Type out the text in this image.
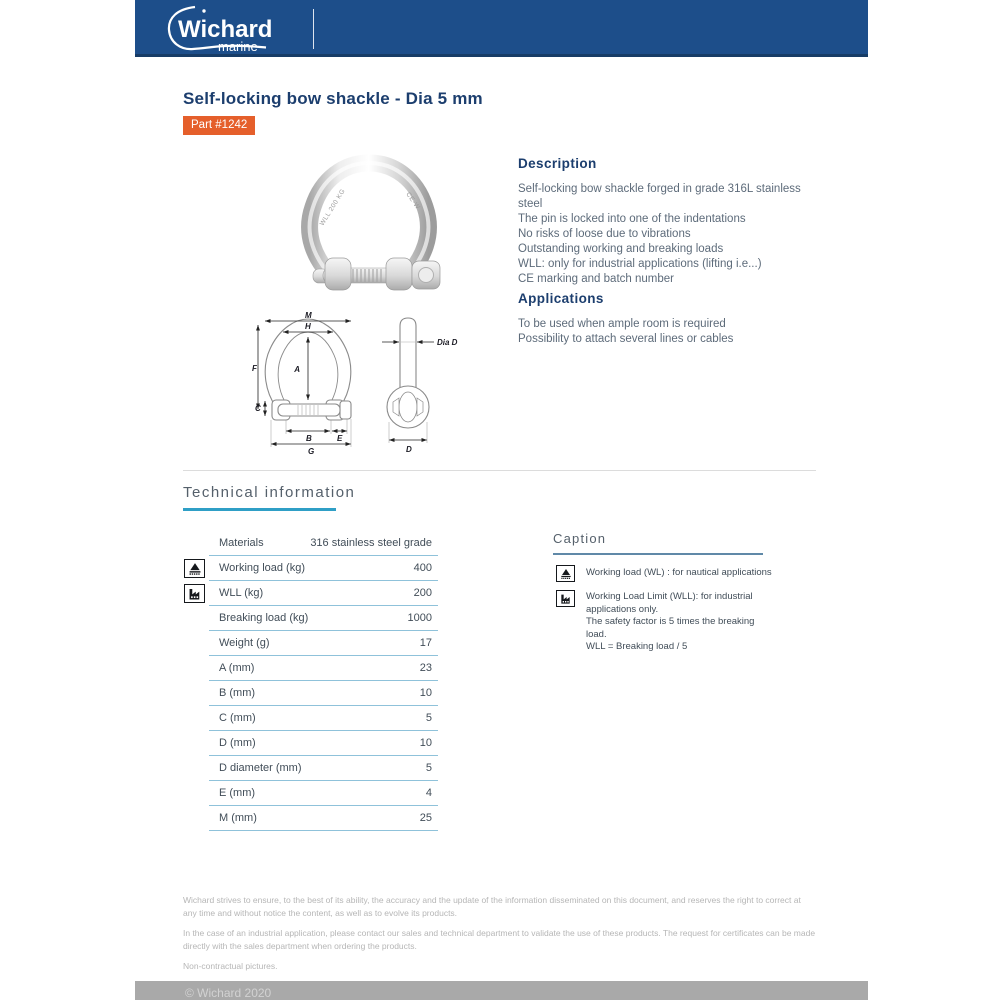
Wichard
marine
Self-locking bow shackle - Dia 5 mm
Part #1242
WLL 200 KG	CE-W
M
H
A
F
C
B	E
G
Dia D
D
Description
Self-locking bow shackle forged in grade 316L stainless steel
The pin is locked into one of the indentations
No risks of loose due to vibrations
Outstanding working and breaking loads
WLL: only for industrial applications (lifting i.e...)
CE marking and batch number
Applications
To be used when ample room is required
Possibility to attach several lines or cables
Technical information
Materials	316 stainless steel grade
Working load (kg)	400
WLL (kg)	200
Breaking load (kg)	1000
Weight (g)	17
A (mm)	23
B (mm)	10
C (mm)	5
D (mm)	10
D diameter (mm)	5
E (mm)	4
M (mm)	25
Caption
Working load (WL) : for nautical applications
Working Load Limit (WLL): for industrial
applications only.
The safety factor is 5 times the breaking load.
WLL = Breaking load / 5

Wichard strives to ensure, to the best of its ability, the accuracy and the update of the information disseminated on this document, and reserves the right to correct at any time and without notice the content, as well as to evolve its products.

In the case of an industrial application, please contact our sales and technical department to validate the use of these products. The request for certificates can be made directly with the sales department when ordering the products.

Non-contractual pictures.

© Wichard 2020
